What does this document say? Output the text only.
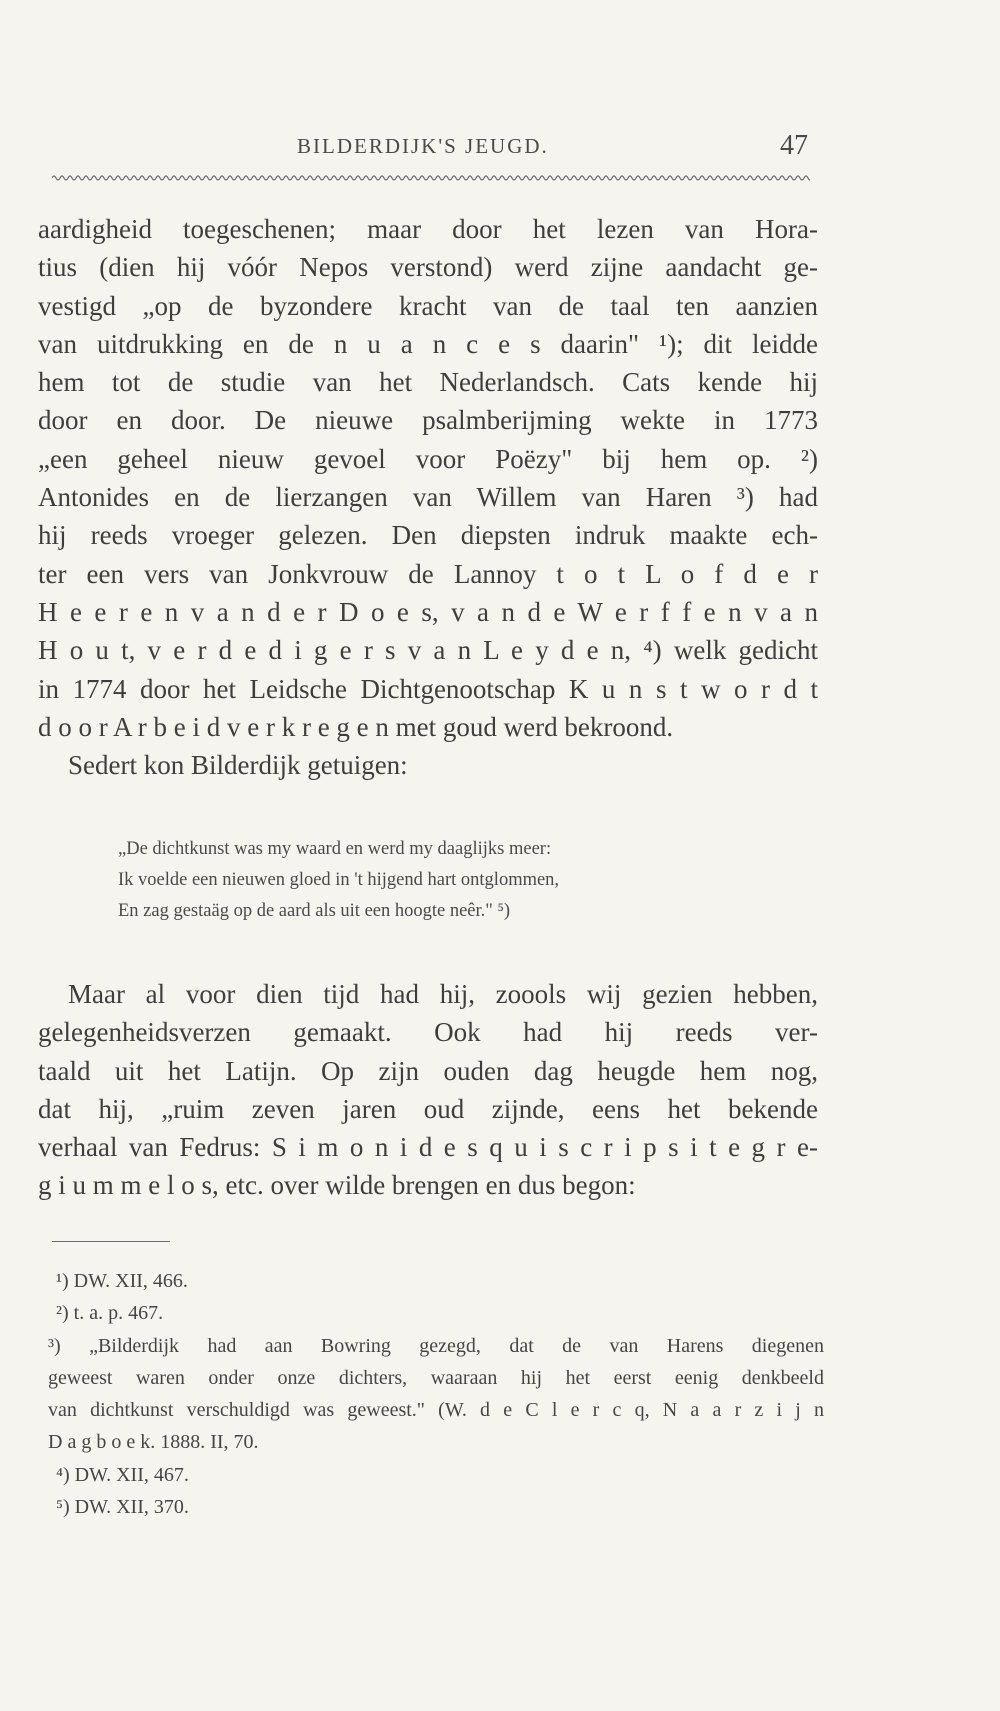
BILDERDIJK'S JEUGD.	47
aardigheid toegeschenen; maar door het lezen van Hora-
tius (dien hij vóór Nepos verstond) werd zijne aandacht ge-
vestigd „op de byzondere kracht van de taal ten aanzien
van uitdrukking en de n u a n c e s daarin" ¹); dit leidde
hem tot de studie van het Nederlandsch. Cats kende hij
door en door. De nieuwe psalmberijming wekte in 1773
„een geheel nieuw gevoel voor Poëzy" bij hem op. ²)
Antonides en de lierzangen van Willem van Haren ³) had
hij reeds vroeger gelezen. Den diepsten indruk maakte ech-
ter een vers van Jonkvrouw de Lannoy t o t L o f d e r
H e e r e n v a n d e r D o e s, v a n d e W e r f f e n v a n
H o u t, v e r d e d i g e r s v a n L e y d e n, ⁴) welk gedicht
in 1774 door het Leidsche Dichtgenootschap K u n s t w o r d t
d o o r A r b e i d v e r k r e g e n met goud werd bekroond.
Sedert kon Bilderdijk getuigen:
„De dichtkunst was my waard en werd my daaglijks meer:
Ik voelde een nieuwen gloed in 't hijgend hart ontglommen,
En zag gestaäg op de aard als uit een hoogte neêr." ⁵)
Maar al voor dien tijd had hij, zoools wij gezien hebben,
gelegenheidsverzen gemaakt. Ook had hij reeds ver-
taald uit het Latijn. Op zijn ouden dag heugde hem nog,
dat hij, „ruim zeven jaren oud zijnde, eens het bekende
verhaal van Fedrus: S i m o n i d e s q u i s c r i p s i t e g r e-
g i u m m e l o s, etc. over wilde brengen en dus begon:
¹) DW. XII, 466.
²) t. a. p. 467.
³) „Bilderdijk had aan Bowring gezegd, dat de van Harens diegenen
geweest waren onder onze dichters, waaraan hij het eerst eenig denkbeeld
van dichtkunst verschuldigd was geweest." (W. d e C l e r c q, N a a r z i j n
D a g b o e k. 1888. II, 70.
⁴) DW. XII, 467.
⁵) DW. XII, 370.
